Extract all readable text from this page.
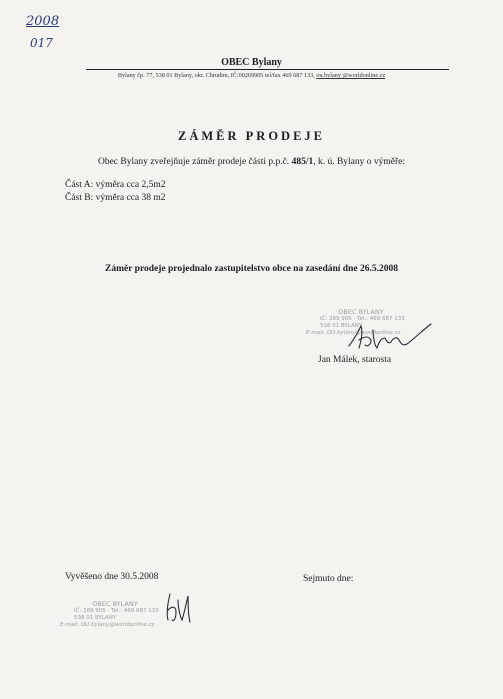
2008
017
OBEC Bylany
Bylany čp. 77, 538 01 Bylany, okr. Chrudim, IČ:00269905 tel/fax 469 687 133, ou.bylany @worldonline.cz
ZÁMĚR PRODEJE
Obec Bylany zveřejňuje záměr prodeje části p.p.č. 485/1, k. ú. Bylany o výměře:
Část A: výměra cca 2,5m2
Část B: výměra cca 38 m2
Záměr prodeje projednalo zastupitelstvo obce na zasedání dne 26.5.2008
OBEC BYLANY
IČ: 269 905 · Tel.: 469 687 133
538 01 BYLANY
E-mail: OU.bylany@worldonline.cz
Jan Málek, starosta
Vyvěšeno dne 30.5.2008	Sejmuto dne:
OBEC BYLANY
IČ: 269 905 · Tel.: 469 687 133
538 01 BYLANY
E-mail: OU.bylany@worldonline.cz
